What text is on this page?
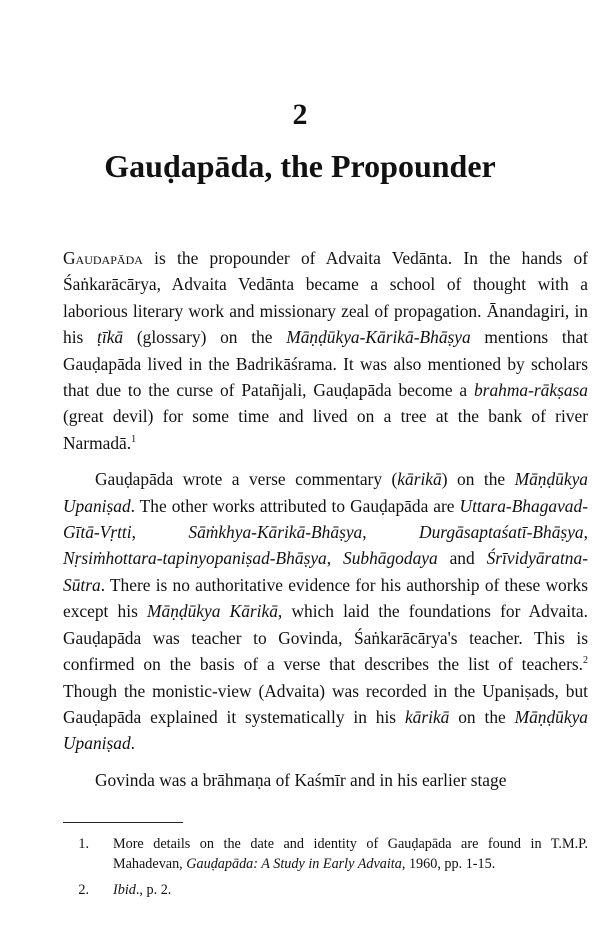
2
Gauḍapāda, the Propounder

Gaudapāda is the propounder of Advaita Vedānta. In the hands of Śaṅkarācārya, Advaita Vedānta became a school of thought with a laborious literary work and missionary zeal of propagation. Ānandagiri, in his ṭīkā (glossary) on the Māṇḍūkya-Kārikā-Bhāṣya mentions that Gauḍapāda lived in the Badrikāśrama. It was also mentioned by scholars that due to the curse of Patañjali, Gauḍapāda become a brahma-rākṣasa (great devil) for some time and lived on a tree at the bank of river Narmadā.$^1$

Gauḍapāda wrote a verse commentary (kārikā) on the Māṇḍūkya Upaniṣad. The other works attributed to Gauḍapāda are Uttara-Bhagavad-Gītā-Vṛtti, Sāṁkhya-Kārikā-Bhāṣya, Durgāsaptaśatī-Bhāṣya, Nṛsiṁhottara-tapinyopaniṣad-Bhāṣya, Subhāgodaya and Śrīvidyāratna-Sūtra. There is no authoritative evidence for his authorship of these works except his Māṇḍūkya Kārikā, which laid the foundations for Advaita. Gauḍapāda was teacher to Govinda, Śaṅkarācārya's teacher. This is confirmed on the basis of a verse that describes the list of teachers.$^2$ Though the monistic-view (Advaita) was recorded in the Upaniṣads, but Gauḍapāda explained it systematically in his kārikā on the Māṇḍūkya Upaniṣad.

Govinda was a brāhmaṇa of Kaśmīr and in his earlier stage

1.	More details on the date and identity of Gauḍapāda are found in T.M.P. Mahadevan, Gauḍapāda: A Study in Early Advaita, 1960, pp. 1-15.
2.	Ibid., p. 2.
